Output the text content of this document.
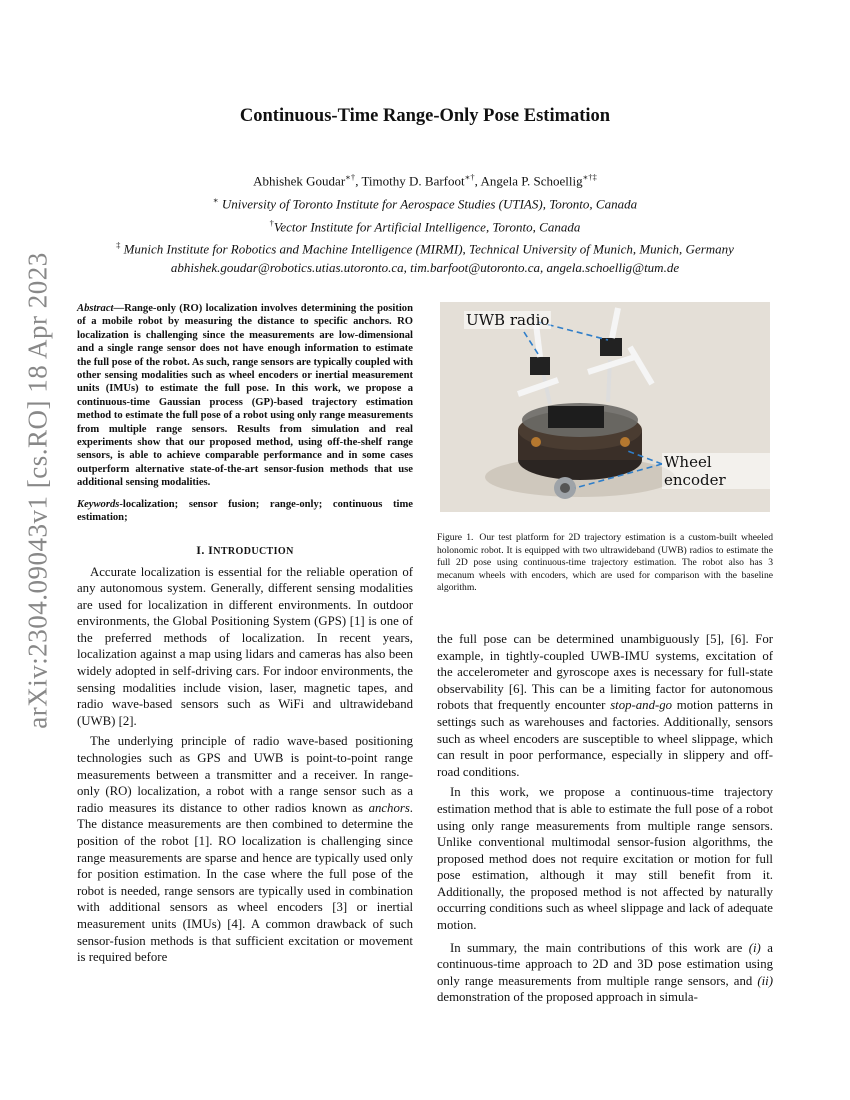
arXiv:2304.09043v1 [cs.RO] 18 Apr 2023
Continuous-Time Range-Only Pose Estimation
Abhishek Goudar∗†, Timothy D. Barfoot∗†, Angela P. Schoellig∗†‡
∗ University of Toronto Institute for Aerospace Studies (UTIAS), Toronto, Canada
†Vector Institute for Artificial Intelligence, Toronto, Canada
‡ Munich Institute for Robotics and Machine Intelligence (MIRMI), Technical University of Munich, Munich, Germany
abhishek.goudar@robotics.utias.utoronto.ca, tim.barfoot@utoronto.ca, angela.schoellig@tum.de

Abstract—Range-only (RO) localization involves determining the position of a mobile robot by measuring the distance to specific anchors. RO localization is challenging since the measurements are low-dimensional and a single range sensor does not have enough information to estimate the full pose of the robot. As such, range sensors are typically coupled with other sensing modalities such as wheel encoders or inertial measurement units (IMUs) to estimate the full pose. In this work, we propose a continuous-time Gaussian process (GP)-based trajectory estimation method to estimate the full pose of a robot using only range measurements from multiple range sensors. Results from simulation and real experiments show that our proposed method, using off-the-shelf range sensors, is able to achieve comparable performance and in some cases outperform alternative state-of-the-art sensor-fusion methods that use additional sensing modalities.

Keywords-localization; sensor fusion; range-only; continuous time estimation;

I. INTRODUCTION

Accurate localization is essential for the reliable operation of any autonomous system. Generally, different sensing modalities are used for localization in different environments. In outdoor environments, the Global Positioning System (GPS) [1] is one of the preferred methods of localization. In recent years, localization against a map using lidars and cameras has also been widely adopted in self-driving cars. For indoor environments, the sensing modalities include vision, laser, magnetic tapes, and radio wave-based sensors such as WiFi and ultrawideband (UWB) [2].

The underlying principle of radio wave-based positioning technologies such as GPS and UWB is point-to-point range measurements between a transmitter and a receiver. In range-only (RO) localization, a robot with a range sensor such as a radio measures its distance to other radios known as anchors. The distance measurements are then combined to determine the position of the robot [1]. RO localization is challenging since range measurements are sparse and hence are typically used only for position estimation. In the case where the full pose of the robot is needed, range sensors are typically used in combination with additional sensors as wheel encoders [3] or inertial measurement units (IMUs) [4]. A common drawback of such sensor-fusion methods is that sufficient excitation or movement is required before

UWB radio
Wheel encoder

Figure 1. Our test platform for 2D trajectory estimation is a custom-built wheeled holonomic robot. It is equipped with two ultrawideband (UWB) radios to estimate the full 2D pose using continuous-time trajectory estimation. The robot also has 3 mecanum wheels with encoders, which are used for comparison with the baseline algorithm.

the full pose can be determined unambiguously [5], [6]. For example, in tightly-coupled UWB-IMU systems, excitation of the accelerometer and gyroscope axes is necessary for full-state observability [6]. This can be a limiting factor for autonomous robots that frequently encounter stop-and-go motion patterns in settings such as warehouses and factories. Additionally, sensors such as wheel encoders are susceptible to wheel slippage, which can result in poor performance, especially in slippery and off-road conditions.

In this work, we propose a continuous-time trajectory estimation method that is able to estimate the full pose of a robot using only range measurements from multiple range sensors. Unlike conventional multimodal sensor-fusion algorithms, the proposed method does not require excitation or motion for full pose estimation, although it may still benefit from it. Additionally, the proposed method is not affected by naturally occurring conditions such as wheel slippage and lack of adequate motion.

In summary, the main contributions of this work are (i) a continuous-time approach to 2D and 3D pose estimation using only range measurements from multiple range sensors, and (ii) demonstration of the proposed approach in simula-
